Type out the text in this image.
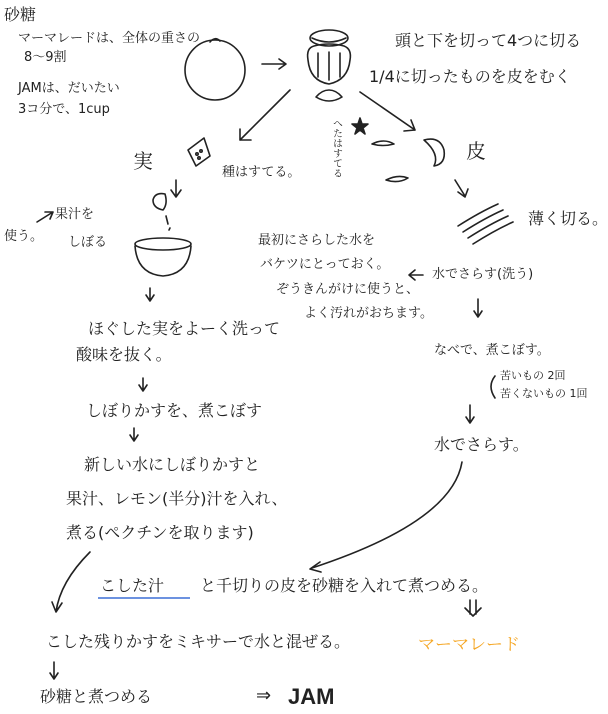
砂糖
マーマレードは、全体の重さの
8～9割
JAMは、だいたい
3コ分で、1cup
頭と下を切って4つに切る
1/4に切ったものを皮をむく
実	種はすてる。
皮
へたはすてる
薄く切る。
使う。
果汁を
しぼる	最初にさらした水を
バケツにとっておく。
ぞうきんがけに使うと、
よく汚れがおちます。
水でさらす(洗う)
なべで、煮こぼす。
苦いもの 2回
苦くないもの 1回
水でさらす。
ほぐした実をよーく洗って
酸味を抜く。
しぼりかすを、煮こぼす
新しい水にしぼりかすと
果汁、レモン(半分)汁を入れ、
煮る(ペクチンを取ります)
こした汁 と千切りの皮を砂糖を入れて煮つめる。
こした残りかすをミキサーで水と混ぜる。	マーマレード
砂糖と煮つめる	⇒ JAM
